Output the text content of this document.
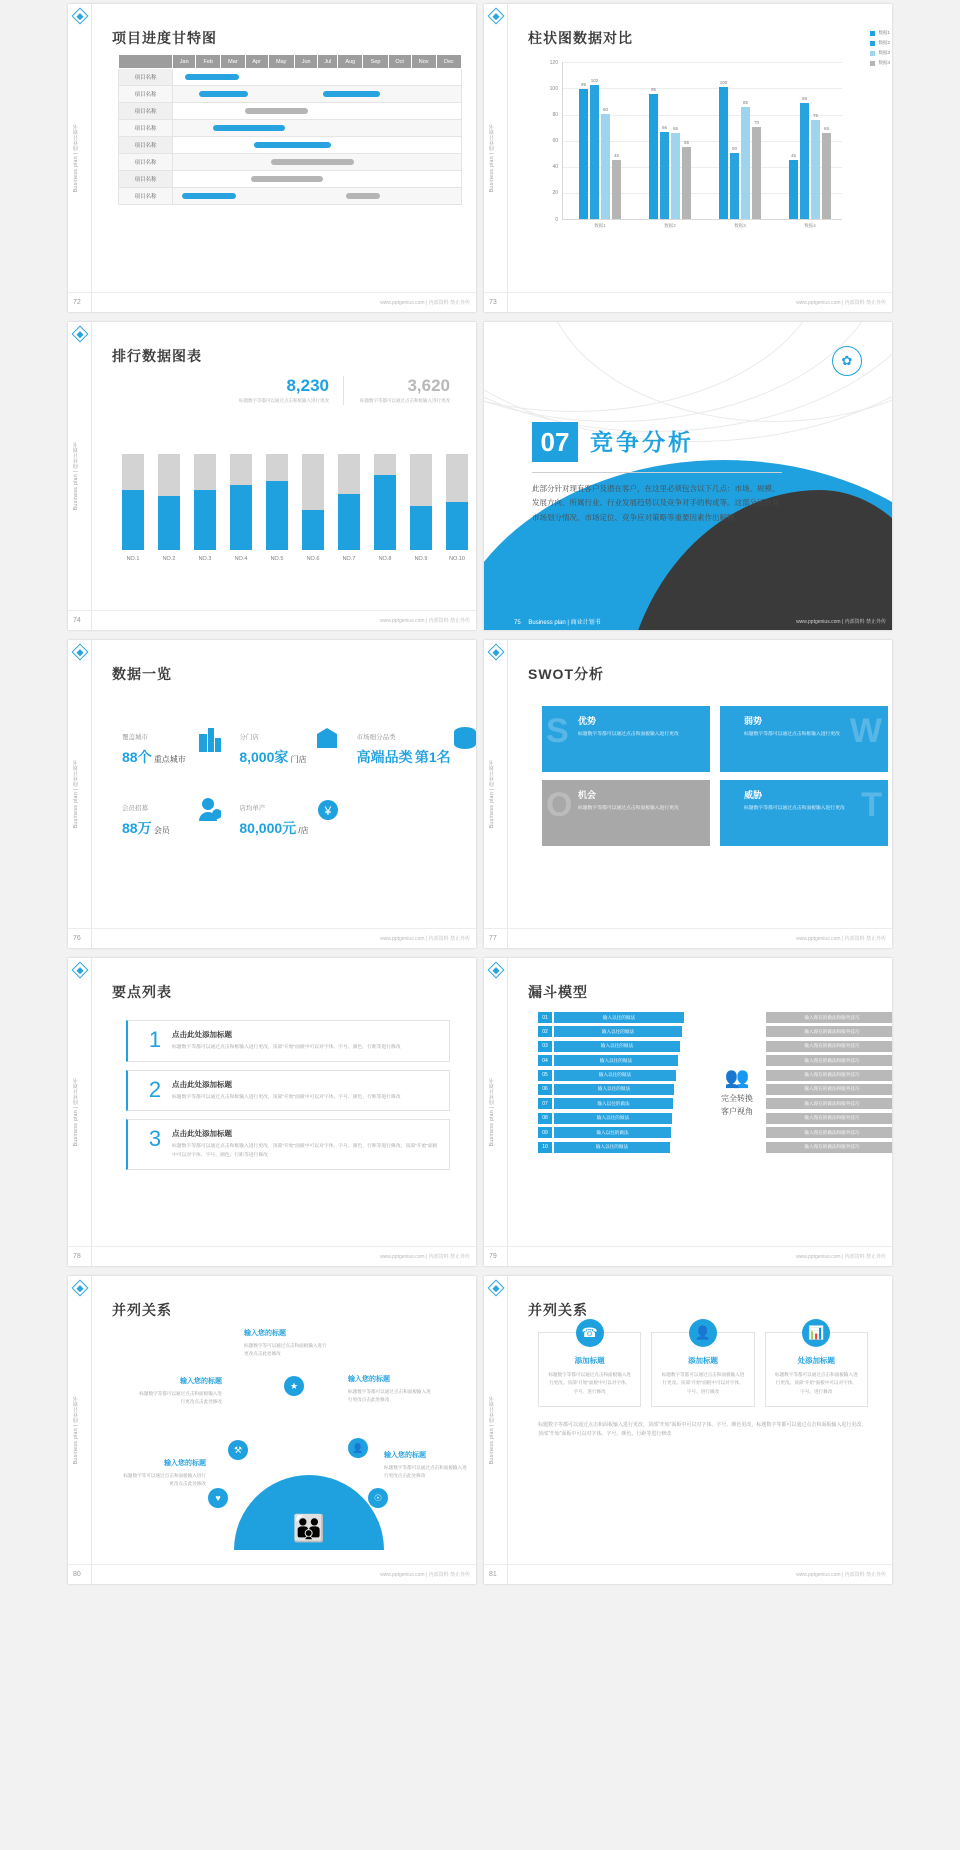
Business plan | 商业计划书
项目进度甘特图
	Jan	Feb	Mar	Apr	May	Jun	Jul	Aug	Sep	Oct	Nov	Dec
项目名称												

项目名称												

项目名称												

项目名称												

项目名称												

项目名称												

项目名称												

项目名称												
72	www.pptgenius.com | 内部资料 禁止外传
Business plan | 商业计划书
柱状图数据对比
0
20
40
60
80
100
120
99
102
80
45
数据1
95
66 65
55
数据2
100
50
85
70
数据3
45
88
75
65
数据4
数据1
数据2
数据3
数据4
73	www.pptgenius.com | 内部资料 禁止外传
Business plan | 商业计划书
排行数据图表
8,230
标题数字等都可以通过点击和框输入进行更改
3,620
标题数字等都可以通过点击和框输入进行更改
NO.1	NO.2	NO.3	NO.4	NO.5	NO.6	NO.7	NO.8	NO.9	NO.10
74	www.pptgenius.com | 内部资料 禁止外传
✿
07 竞争分析
此部分针对现有客户及潜在客户，在这里必须包含以下几点：市场、规模、发展方向、所属行业、行业发展趋势以及竞争对手的构成等。这部分还针对市场划分情况、市场定位、竞争应对策略等重要因素作出解释。
75 Business plan | 商业计划书	www.pptgenius.com | 内部资料 禁止外传
Business plan | 商业计划书
数据一览
覆盖城市
88个 重点城市
分门店
8,000家 门店
市场细分品类
高端品类 第1名
会员招募
88万 会员
店均单产
80,000元 /店
¥
76	www.pptgenius.com | 内部资料 禁止外传
Business plan | 商业计划书
SWOT分析
S 优势
标题数字等都可以通过点击和面板输入进行更改
弱势
标题数字等都可以通过点击和框输入进行更改 W
O 机会
标题数字等都可以通过点击和面板输入进行更改
威胁
标题数字等都可以通过点击和面板输入进行更改 T
77	www.pptgenius.com | 内部资料 禁止外传
Business plan | 商业计划书
要点列表
1	点击此处添加标题
标题数字等都可以通过点击和框输入进行更改，顶部“开始”面板中可以对字体、字号、颜色、行距等进行修改
2	点击此处添加标题
标题数字等都可以通过点击和框输入进行更改，顶部“开始”面板中可以对字体、字号、颜色、行距等进行修改
3	点击此处添加标题
标题数字等都可以通过点击和框输入进行更改，顶部“开始”面板中可以对字体、字号、颜色、行距等进行修改，顶部“开始”面板中可以对字体、字号、颜色、行距等进行修改
78	www.pptgenius.com | 内部资料 禁止外传
Business plan | 商业计划书
漏斗模型
01	输入以往的做法
02	输入以往的做法
03	输入以往的做法
04	输入以往的做法
05	输入以往的做法
06	输入以往的做法
07	输入以往的做法
08	输入以往的做法
09	输入以往的做法
10	输入以往的做法
👥
完全转换
客户视角
输入现在的做法和服务技巧
输入现在的做法和服务技巧
输入现在的做法和服务技巧
输入现在的做法和服务技巧
输入现在的做法和服务技巧
输入现在的做法和服务技巧
输入现在的做法和服务技巧
输入现在的做法和服务技巧
输入现在的做法和服务技巧
输入现在的做法和服务技巧
79	www.pptgenius.com | 内部资料 禁止外传
Business plan | 商业计划书
并列关系
输入您的标题
标题数字等可以通过点击和面板输入进行更改点击此处修改
输入您的标题
标题数字等都可以通过点击和面板输入进行更改点击此处修改
输入您的标题
标题数字等都可以通过点击和面板输入进行更改点击此处修改
输入您的标题
标题数字等可以通过点击和面板输入进行更改点击此处修改
输入您的标题
标题数字等都可以通过点击和面板输入进行更改点击此处修改
★
⚒	👤
♥	☉
👪
80	www.pptgenius.com | 内部资料 禁止外传
Business plan | 商业计划书
并列关系
☎
添加标题
标题数字等都可以通过点击和面板输入进行更改。顶部“开始”面板中可以对字体、字号、进行修改
👤
添加标题
标题数字等都可以通过点击和面板输入进行更改。顶部“开始”面板中可以对字体、字号、进行修改
📊
处添加标题
标题数字等都可以通过点击和面板输入进行更改。顶部“开始”面板中可以对字体、字号、进行修改
标题数字等都可以通过点击和面板输入进行更改，顶部“开始”面板中可以对字体、字号、颜色更改，标题数字等都可以通过点击和面板输入进行更改，顶部“开始”面板中可以对字体、字号、颜色、行距等进行修改
81	www.pptgenius.com | 内部资料 禁止外传
